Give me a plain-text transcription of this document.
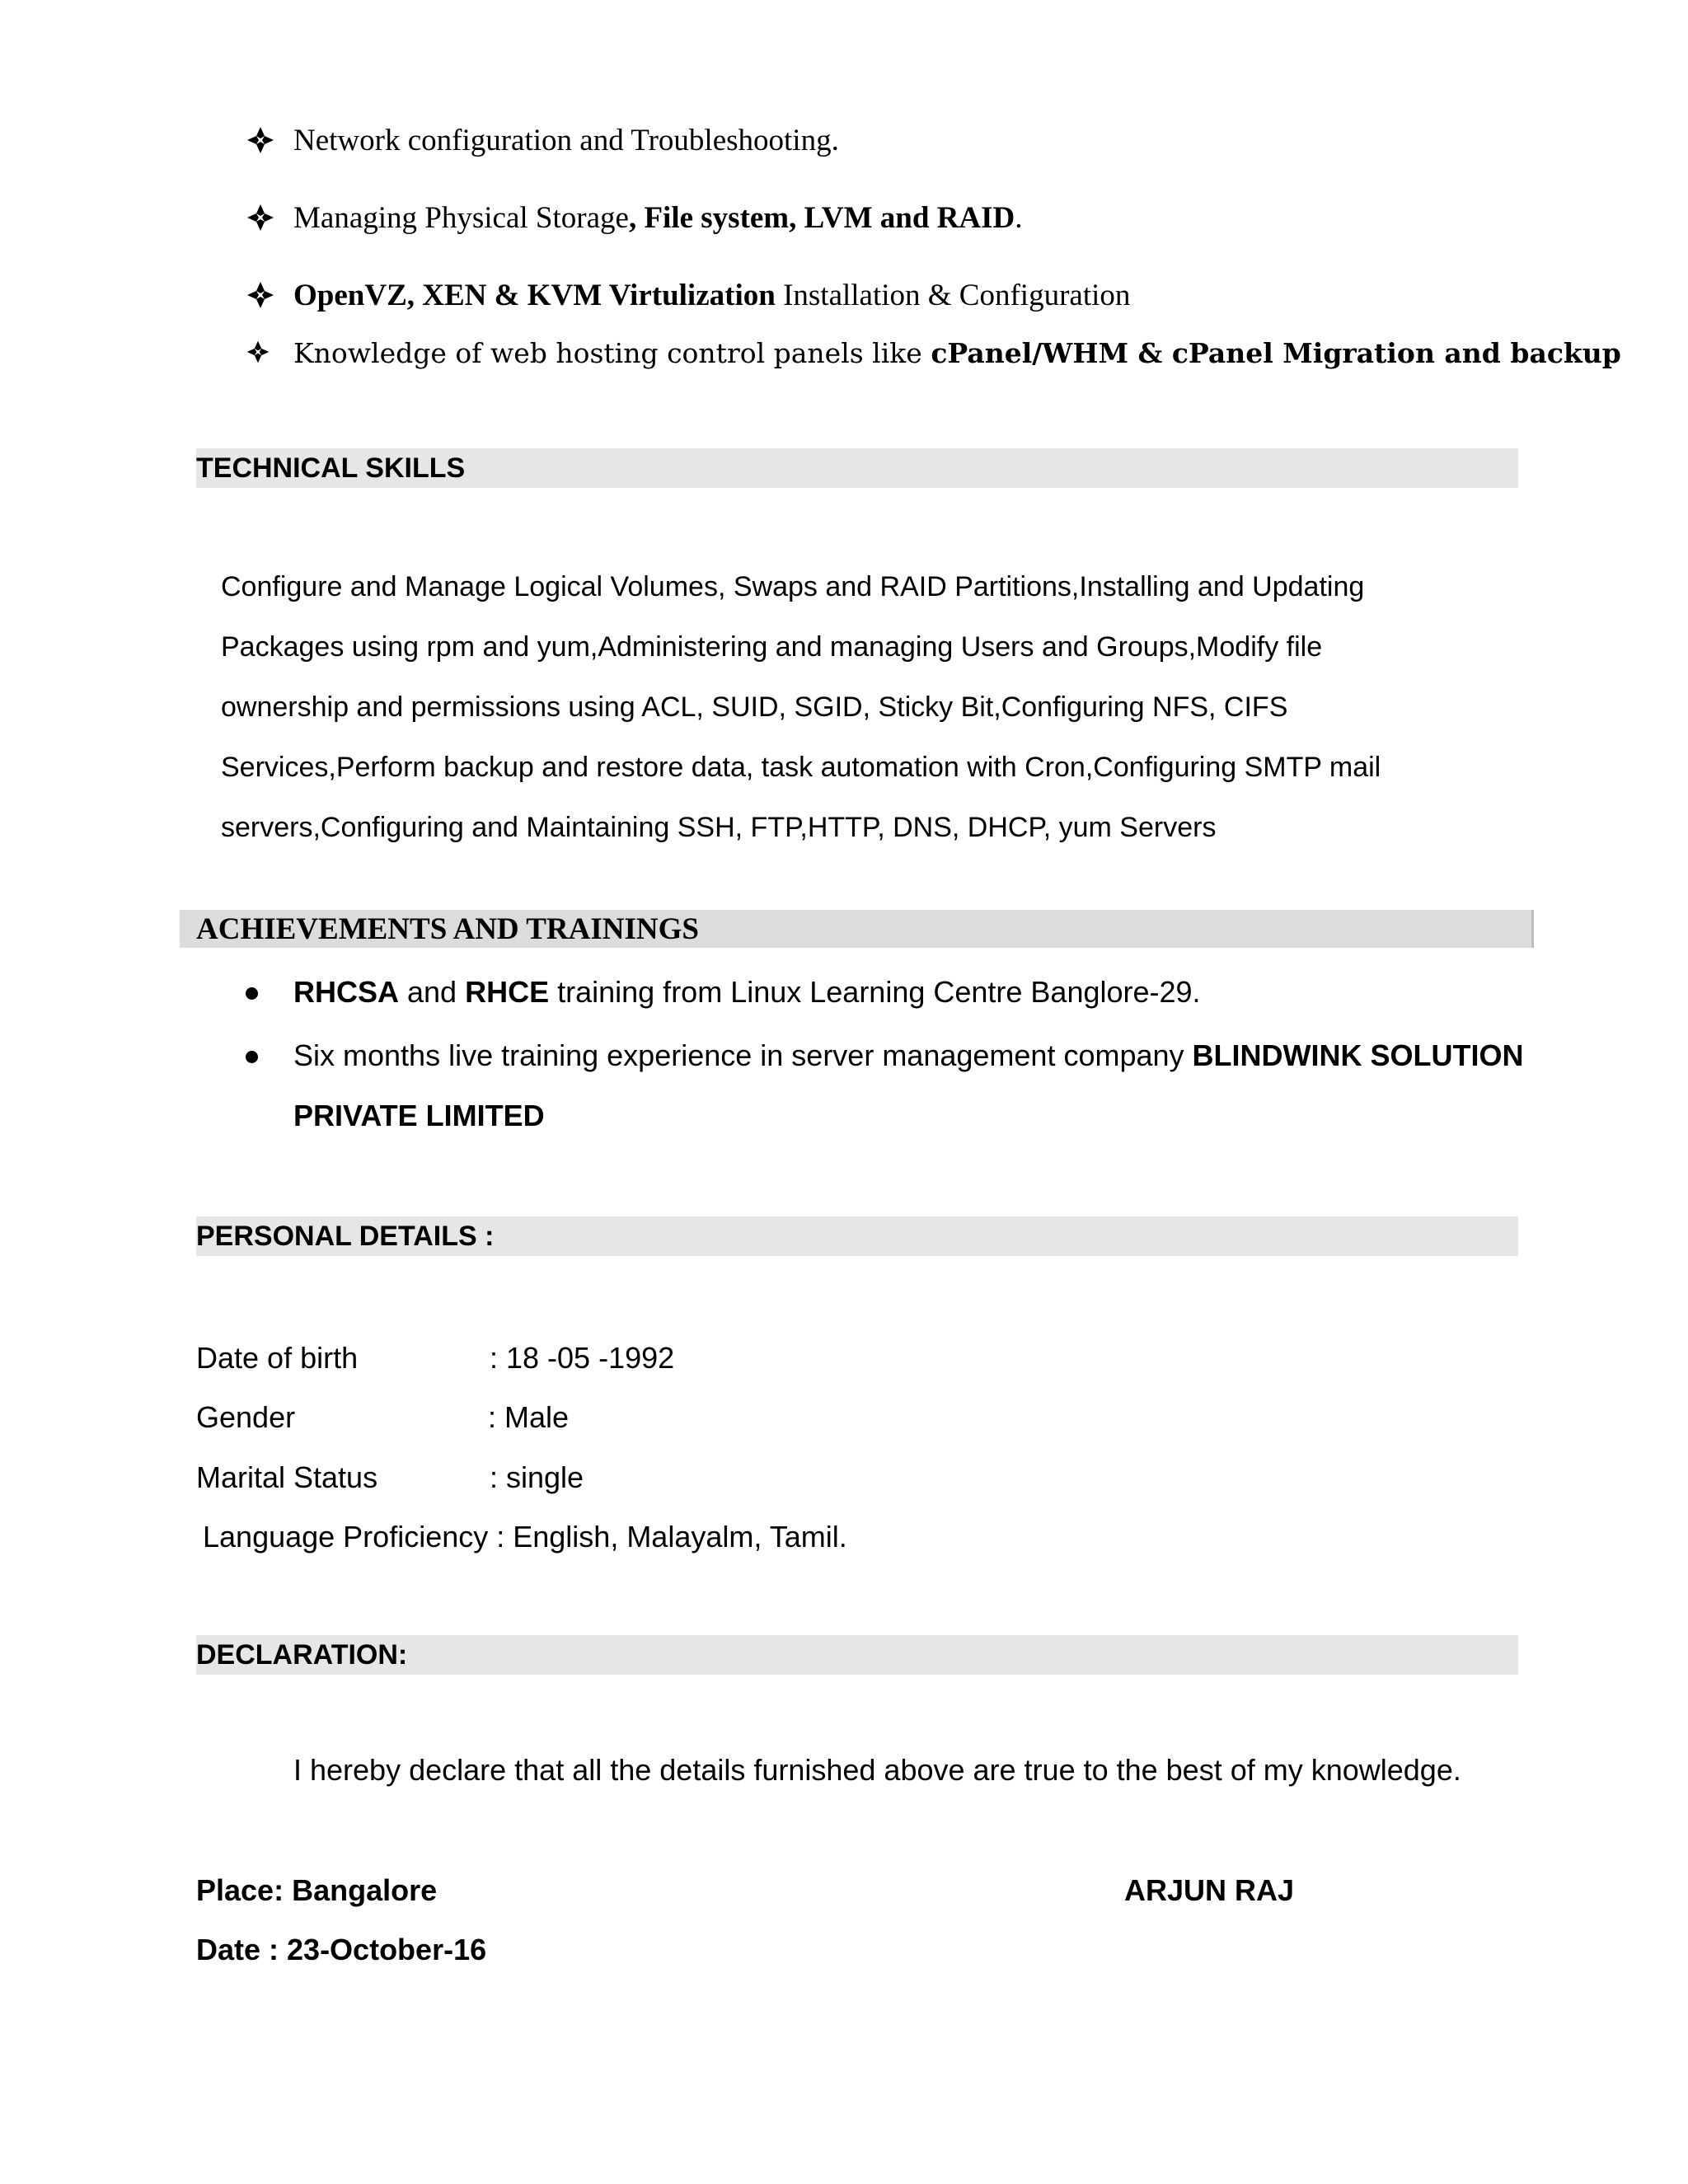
Network configuration and Troubleshooting.
Managing Physical Storage, File system, LVM and RAID.
OpenVZ, XEN & KVM Virtulization Installation & Configuration
Knowledge of web hosting control panels like cPanel/WHM & cPanel Migration and backup
TECHNICAL SKILLS
Configure and Manage Logical Volumes, Swaps and RAID Partitions,Installing and Updating
Packages using rpm and yum,Administering and managing Users and Groups,Modify file
ownership and permissions using ACL, SUID, SGID, Sticky Bit,Configuring NFS, CIFS
Services,Perform backup and restore data, task automation with Cron,Configuring SMTP mail
servers,Configuring and Maintaining SSH, FTP,HTTP, DNS, DHCP, yum Servers
ACHIEVEMENTS AND TRAININGS
RHCSA and RHCE training from Linux Learning Centre Banglore-29.
Six months live training experience in server management company BLINDWINK SOLUTION
PRIVATE LIMITED
PERSONAL DETAILS :
Date of birth	: 18 -05 -1992
Gender	: Male
Marital Status	: single
Language Proficiency : English, Malayalm, Tamil.
DECLARATION:
I hereby declare that all the details furnished above are true to the best of my knowledge.
Place: Bangalore	ARJUN RAJ
Date : 23-October-16
